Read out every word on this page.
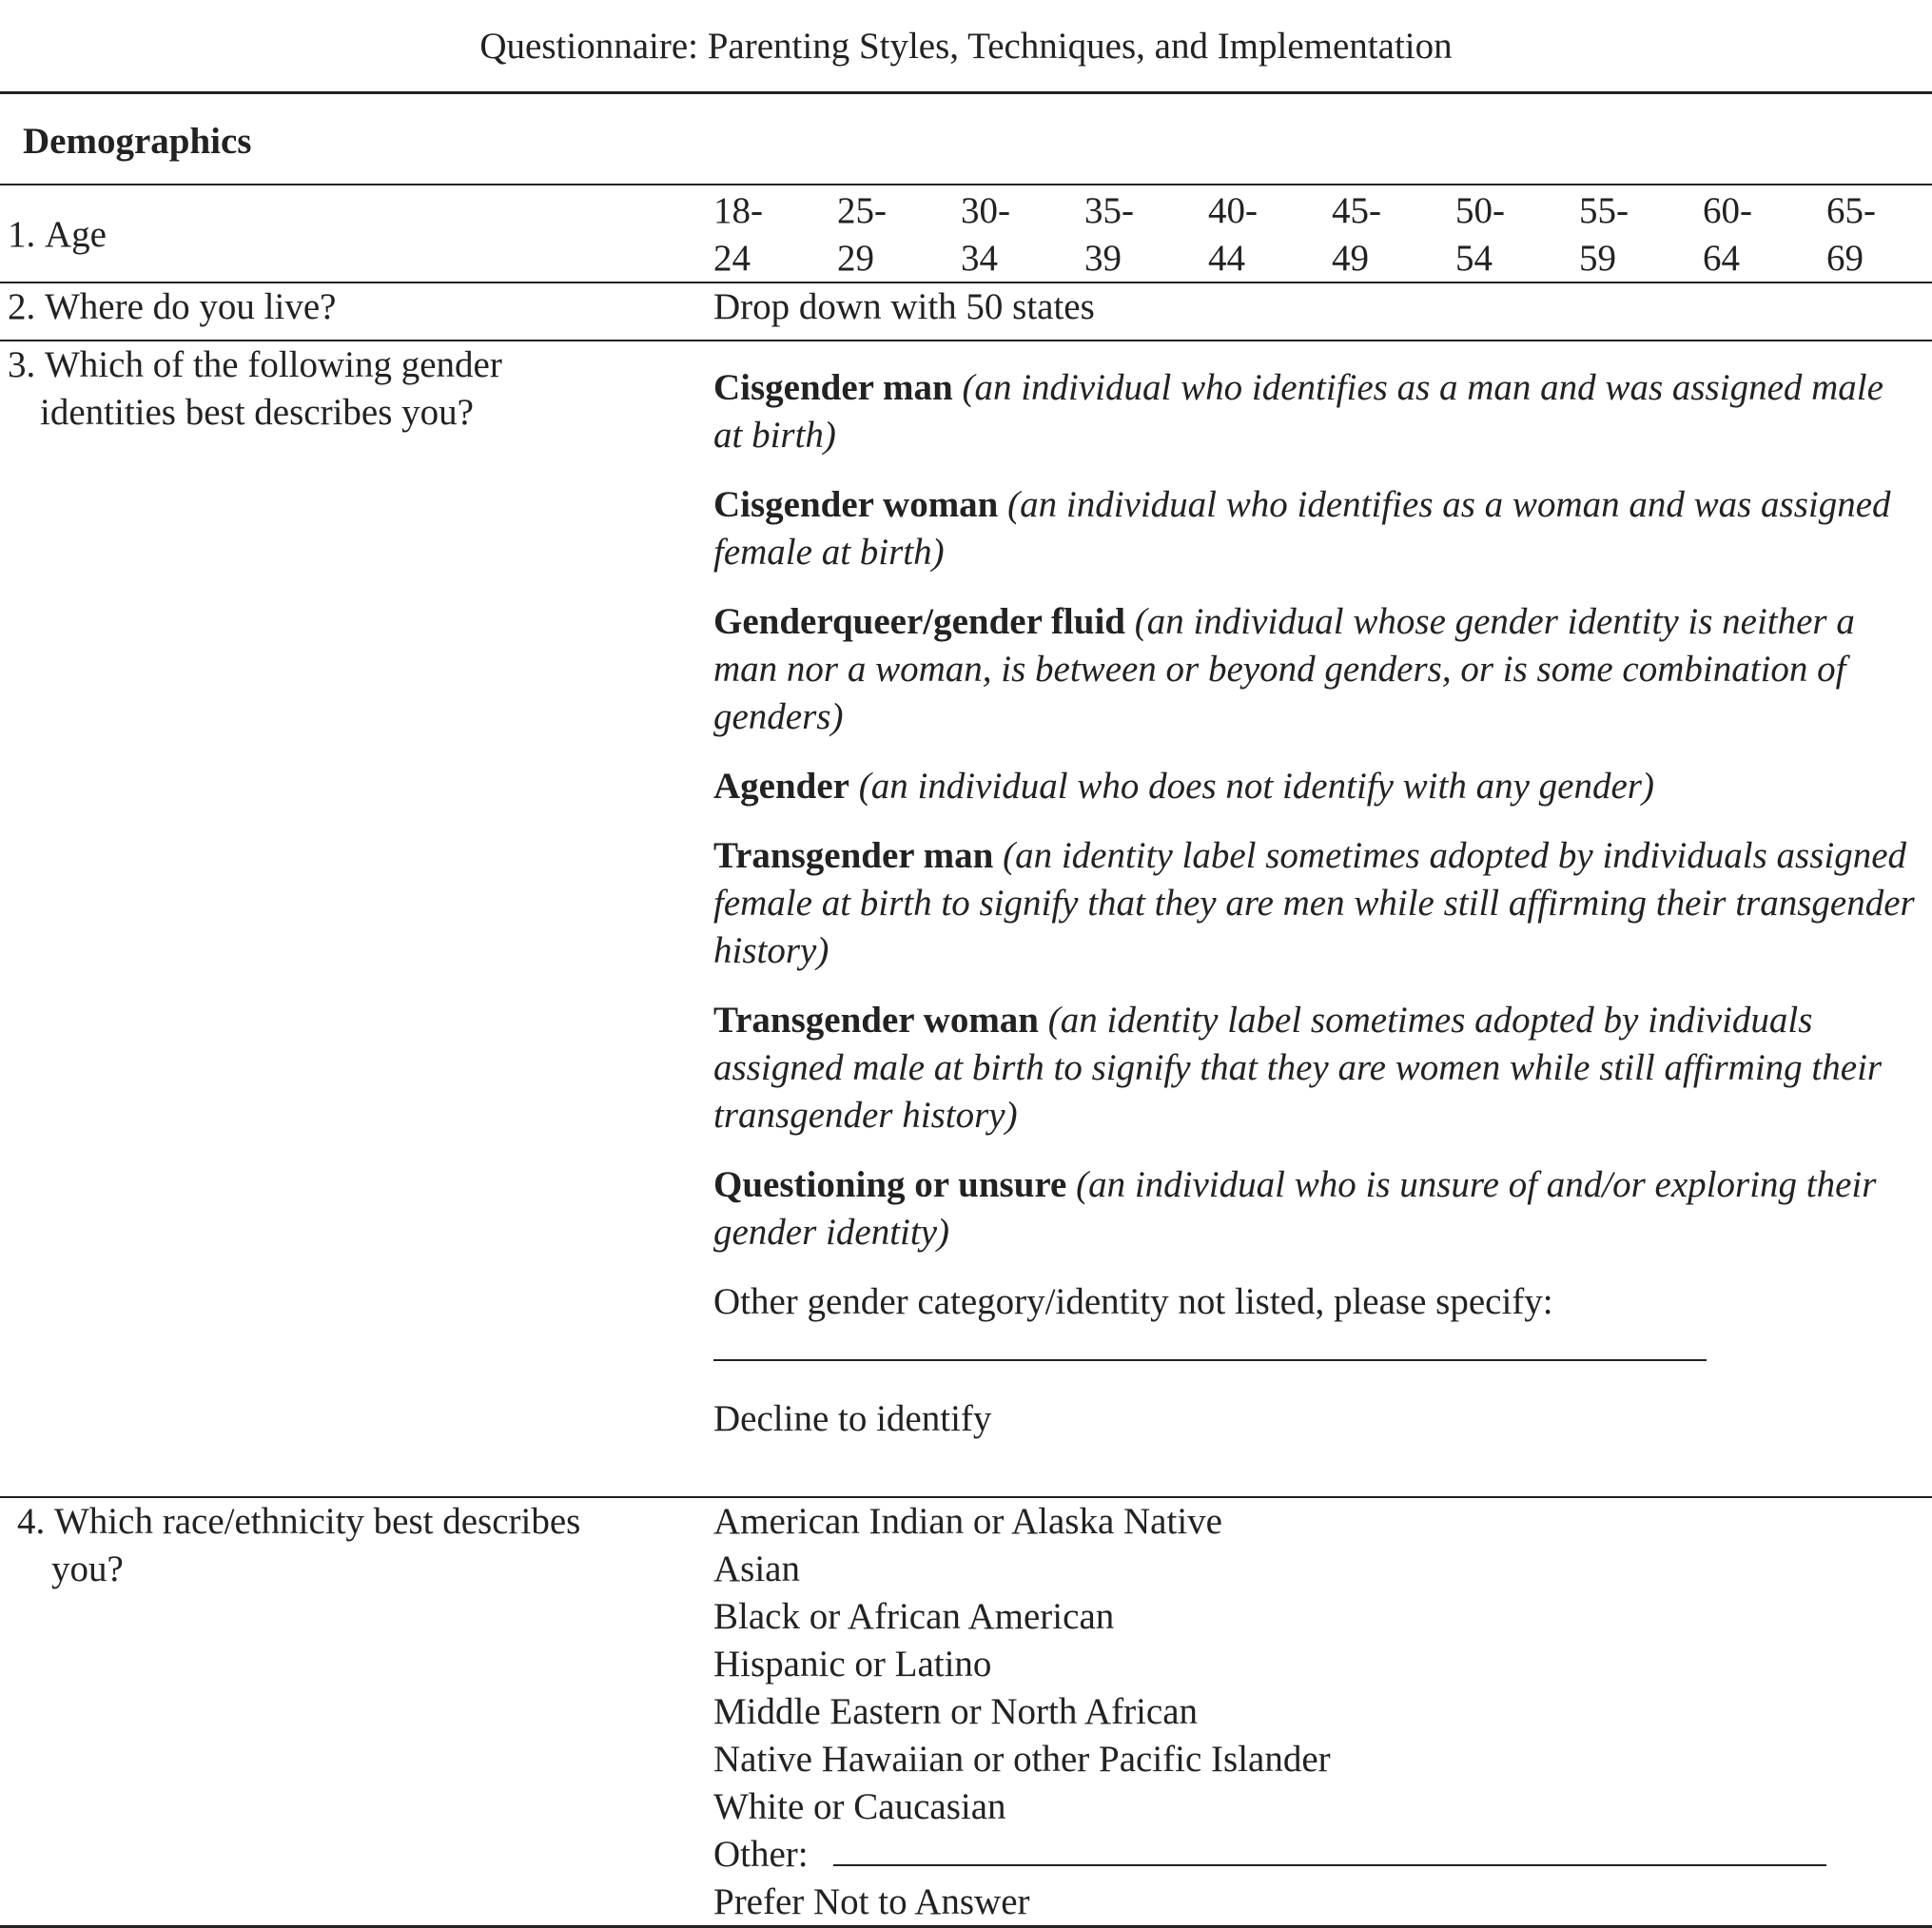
Questionnaire: Parenting Styles, Techniques, and Implementation
Demographics
1. Age
18-
24
25-
29
30-
34
35-
39
40-
44
45-
49
50-
54
55-
59
60-
64
65-
69
2. Where do you live?	Drop down with 50 states
3. Which of the following gender
identities best describes you?

Cisgender man (an individual who identifies as a man and was assigned male at birth)

Cisgender woman (an individual who identifies as a woman and was assigned female at birth)

Genderqueer/gender fluid (an individual whose gender identity is neither a man nor a woman, is between or beyond genders, or is some combination of genders)

Agender (an individual who does not identify with any gender)

Transgender man (an identity label sometimes adopted by individuals assigned female at birth to signify that they are men while still affirming their transgender history)

Transgender woman (an identity label sometimes adopted by individuals assigned male at birth to signify that they are women while still affirming their transgender history)

Questioning or unsure (an individual who is unsure of and/or exploring their gender identity)

Other gender category/identity not listed, please specify:

Decline to identify

4. Which race/ethnicity best describes
you?
American Indian or Alaska Native
Asian
Black or African American
Hispanic or Latino
Middle Eastern or North African
Native Hawaiian or other Pacific Islander
White or Caucasian
Other:
Prefer Not to Answer
